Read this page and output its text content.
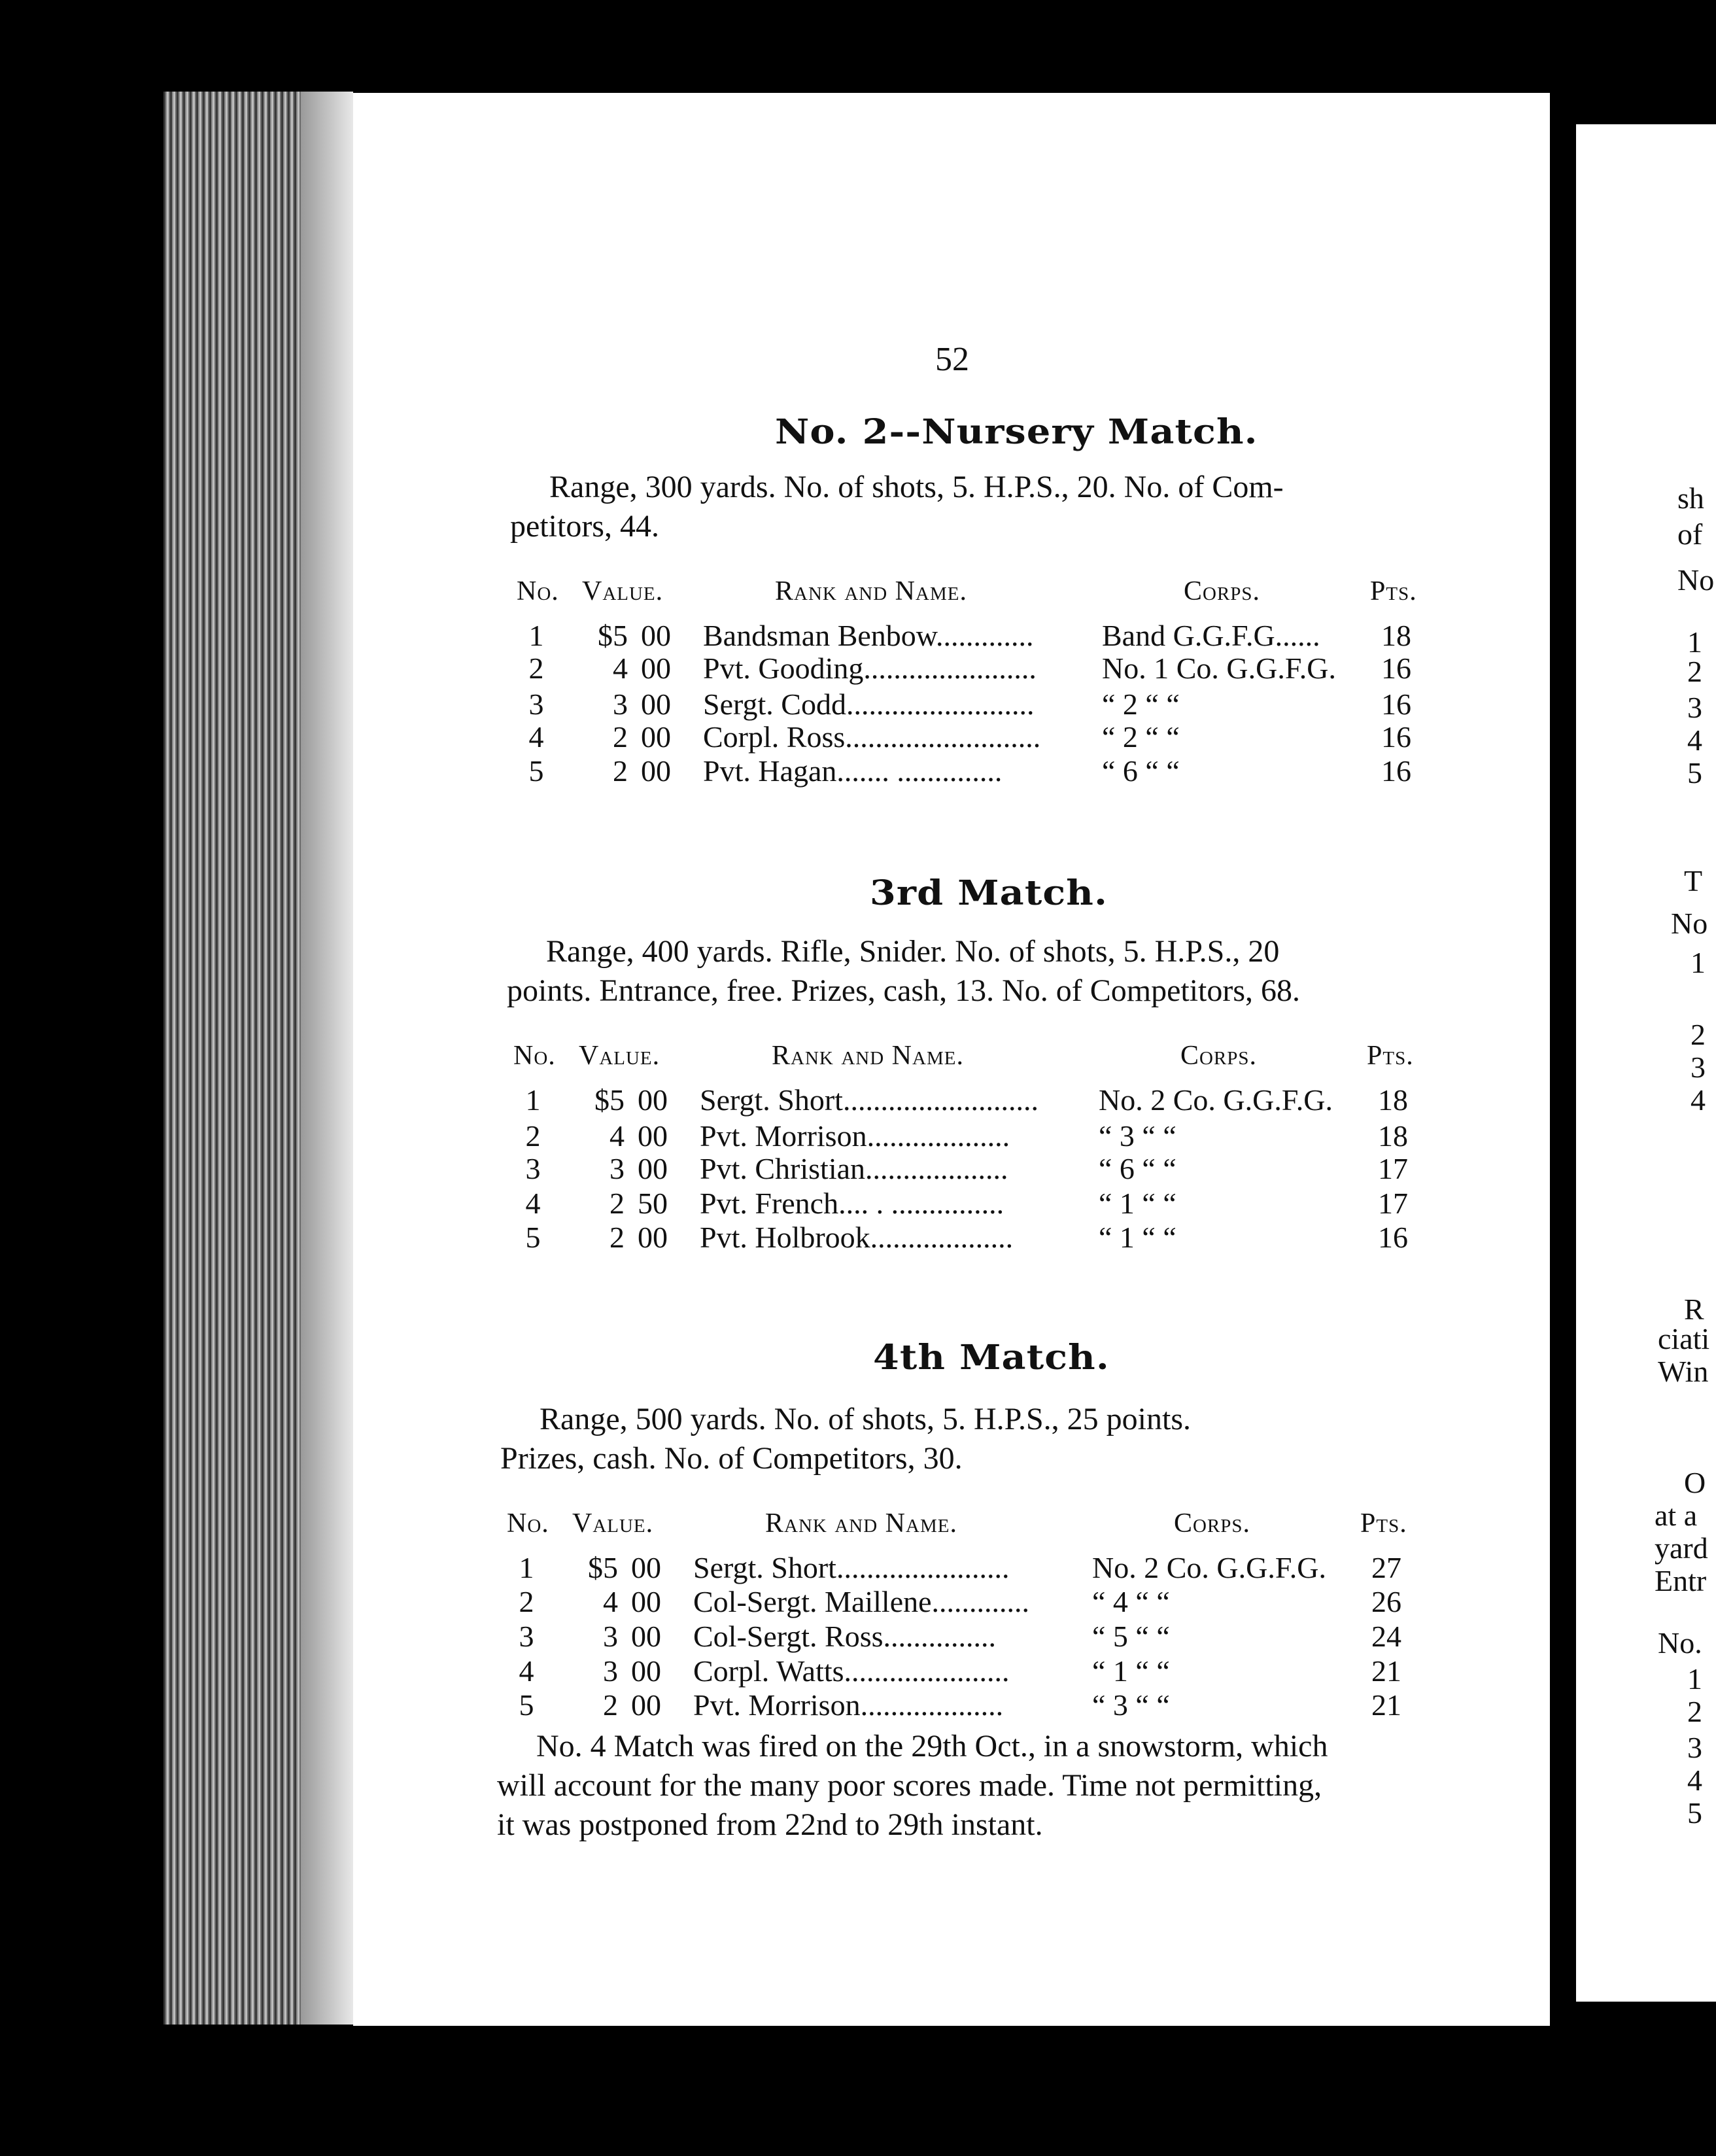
sh
of
No
1
2
3
4
5
T
No
1
2
3
4
R
ciati
Win
O
at a
yard
Entr
No.
1
2
3
4
5
52
No. 2--Nursery Match.
Range, 300 yards. No. of shots, 5. H.P.S., 20. No. of Com-
petitors, 44.
No. Value.	Rank and Name.	Corps.	Pts.
1	$5 00 Bandsman Benbow............. Band G.G.F.G...... 18
2	4 00 Pvt. Gooding....................... No. 1 Co. G.G.F.G. 16
3	3 00 Sergt. Codd......................... “ 2 “ “	16
4	2 00 Corpl. Ross.......................... “ 2 “ “	16
5	2 00 Pvt. Hagan....... ..............	“ 6 “ “	16
3rd Match.
Range, 400 yards. Rifle, Snider. No. of shots, 5. H.P.S., 20
points. Entrance, free. Prizes, cash, 13. No. of Competitors, 68.
No. Value.	Rank and Name.	Corps.	Pts.
1	$5 00 Sergt. Short.......................... No. 2 Co. G.G.F.G. 18
2	4 00 Pvt. Morrison...................	“ 3 “ “	18
3	3 00 Pvt. Christian...................	“ 6 “ “	17
4	2 50 Pvt. French.... . ...............	“ 1 “ “	17
5	2 00 Pvt. Holbrook...................	“ 1 “ “	16
4th Match.
Range, 500 yards. No. of shots, 5. H.P.S., 25 points.
Prizes, cash. No. of Competitors, 30.
No. Value.	Rank and Name.	Corps.	Pts.
1	$5 00 Sergt. Short.......................	No. 2 Co. G.G.F.G. 27
2	4 00 Col-Sergt. Maillene............. “ 4 “ “	26
3	3 00 Col-Sergt. Ross...............	“ 5 “ “	24
4	3 00 Corpl. Watts......................	“ 1 “ “	21
5	2 00 Pvt. Morrison...................	“ 3 “ “	21
No. 4 Match was fired on the 29th Oct., in a snowstorm, which
will account for the many poor scores made. Time not permitting,
it was postponed from 22nd to 29th instant.
